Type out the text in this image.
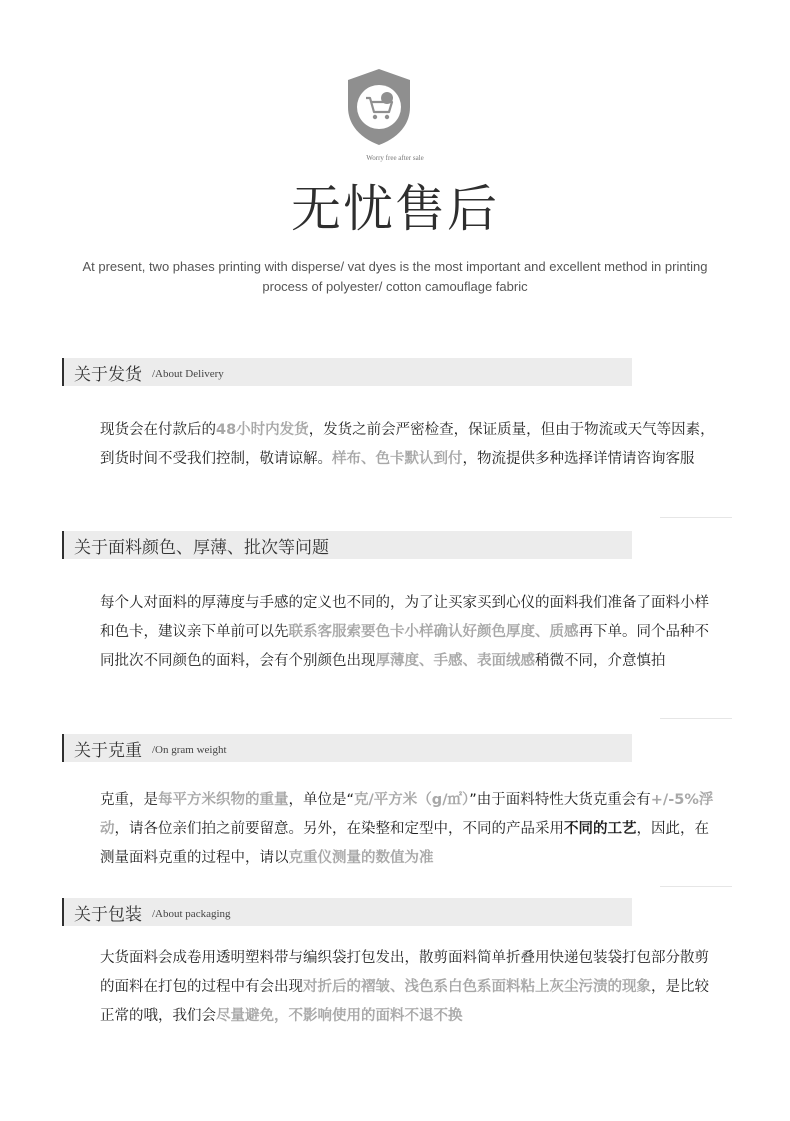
Worry free after sale
无忧售后
At present, two phases printing with disperse/ vat dyes is the most important and excellent method in printing process of polyester/ cotton camouflage fabric
关于发货 /About Delivery
现货会在付款后的48小时内发货，发货之前会严密检查，保证质量，但由于物流或天气等因素，到货时间不受我们控制，敬请谅解。样布、色卡默认到付，物流提供多种选择详情请咨询客服
关于面料颜色、厚薄、批次等问题
每个人对面料的厚薄度与手感的定义也不同的，为了让买家买到心仪的面料我们准备了面料小样和色卡，建议亲下单前可以先联系客服索要色卡小样确认好颜色厚度、质感再下单。同个品种不同批次不同颜色的面料，会有个别颜色出现厚薄度、手感、表面绒感稍微不同，介意慎拍
关于克重 /On gram weight
克重，是每平方米织物的重量，单位是“克/平方米（g/㎡）”由于面料特性大货克重会有+/-5%浮动，请各位亲们拍之前要留意。另外，在染整和定型中，不同的产品采用不同的工艺，因此，在测量面料克重的过程中，请以克重仪测量的数值为准
关于包装 /About packaging
大货面料会成卷用透明塑料带与编织袋打包发出，散剪面料简单折叠用快递包装袋打包部分散剪的面料在打包的过程中有会出现对折后的褶皱、浅色系白色系面料粘上灰尘污渍的现象，是比较正常的哦，我们会尽量避免，不影响使用的面料不退不换
